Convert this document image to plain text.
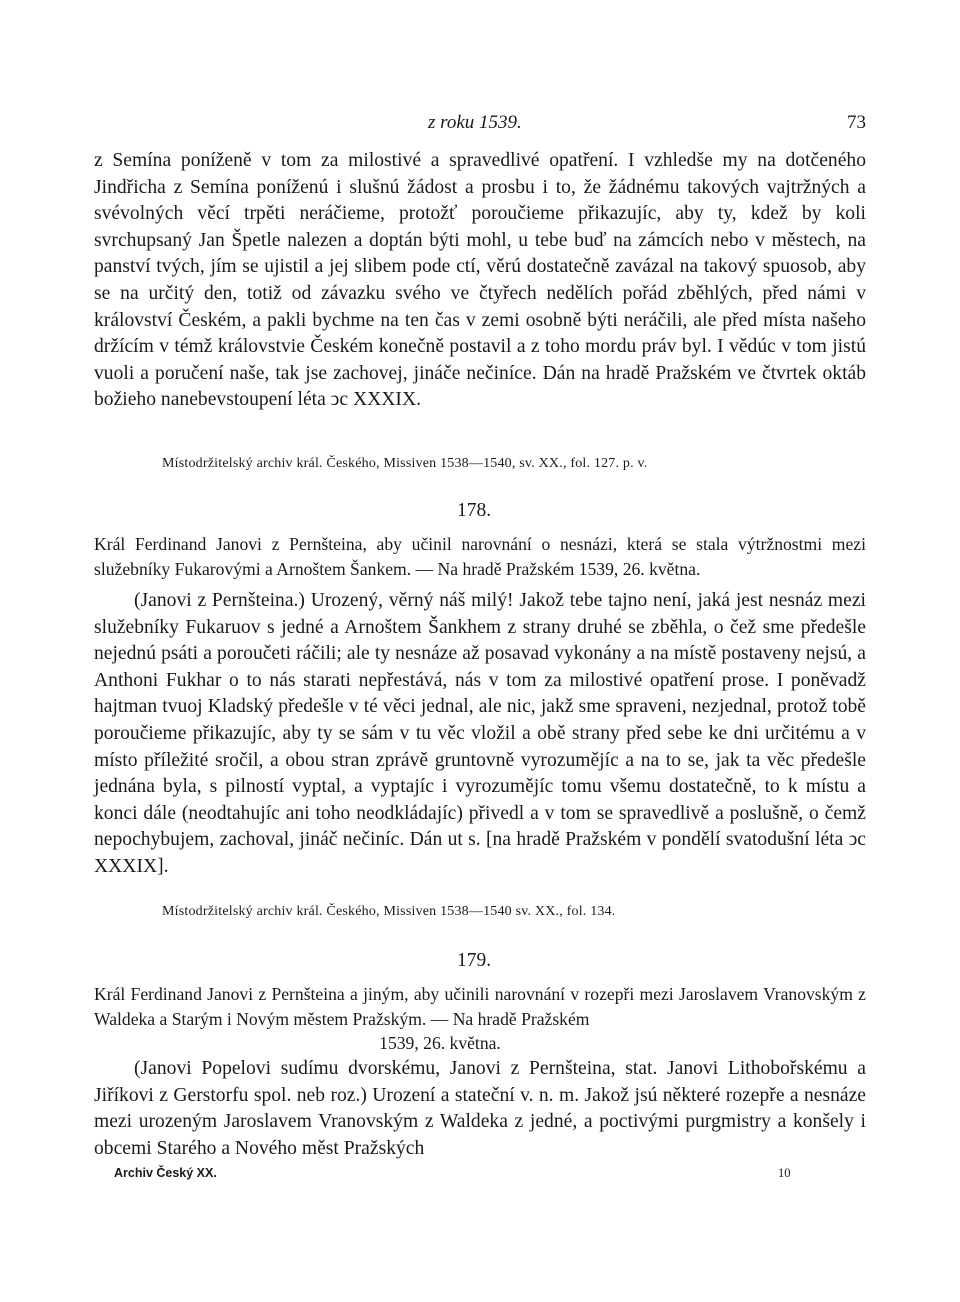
z roku 1539.	73

z Semína poníženě v tom za milostivé a spravedlivé opatření. I vzhledše my na dotčeného Jindřicha z Semína poníženú i slušnú žádost a prosbu i to, že žádnému takových vajtržných a svévolných věcí trpěti neráčieme, protožť poroučieme přikazujíc, aby ty, kdež by koli svrchupsaný Jan Špetle nalezen a doptán býti mohl, u tebe buď na zámcích nebo v městech, na panství tvých, jím se ujistil a jej slibem pode ctí, věrú dostatečně zavázal na takový spuosob, aby se na určitý den, totiž od závazku svého ve čtyřech nedělích pořád zběhlých, před námi v království Českém, a pakli bychme na ten čas v zemi osobně býti neráčili, ale před místa našeho držícím v témž královstvie Českém konečně postavil a z toho mordu práv byl. I vědúc v tom jistú vuoli a poručení naše, tak jse zachovej, jináče nečiníce. Dán na hradě Pražském ve čtvrtek oktáb božieho nanebevstoupení léta ↄc XXXIX.

Místodržitelský archiv král. Českého, Missiven 1538—1540, sv. XX., fol. 127. p. v.
178.

Král Ferdinand Janovi z Pernšteina, aby učinil narovnání o nesnázi, která se stala výtržnostmi mezi služebníky Fukarovými a Arnoštem Šankem. — Na hradě Pražském 1539, 26. května.

(Janovi z Pernšteina.) Urozený, věrný náš milý! Jakož tebe tajno není, jaká jest nesnáz mezi služebníky Fukaruov s jedné a Arnoštem Šankhem z strany druhé se zběhla, o čež sme předešle nejednú psáti a poroučeti ráčili; ale ty nesnáze až posavad vykonány a na místě postaveny nejsú, a Anthoni Fukhar o to nás starati nepřestává, nás v tom za milostivé opatření prose. I poněvadž hajtman tvuoj Kladský předešle v té věci jednal, ale nic, jakž sme spraveni, nezjednal, protož tobě poroučieme přikazujíc, aby ty se sám v tu věc vložil a obě strany před sebe ke dni určitému a v místo příležité sročil, a obou stran zprávě gruntovně vyrozumějíc a na to se, jak ta věc předešle jednána byla, s pilností vyptal, a vyptajíc i vyrozumějíc tomu všemu dostatečně, to k místu a konci dále (neodtahujíc ani toho neodkládajíc) přivedl a v tom se spravedlivě a poslušně, o čemž nepochybujem, zachoval, jináč nečiníc. Dán ut s. [na hradě Pražském v pondělí svatodušní léta ↄc XXXIX].

Místodržitelský archiv král. Českého, Missiven 1538—1540 sv. XX., fol. 134.
179.
Král Ferdinand Janovi z Pernšteina a jiným, aby učinili narovnání v rozepři mezi Jaroslavem Vranovským z Waldeka a Starým i Novým městem Pražským. — Na hradě Pražském
1539, 26. května.

(Janovi Popelovi sudímu dvorskému, Janovi z Pernšteina, stat. Janovi Lithobořskému a Jiříkovi z Gerstorfu spol. neb roz.) Urození a stateční v. n. m. Jakož jsú některé rozepře a nesnáze mezi urozeným Jaroslavem Vranovským z Waldeka z jedné, a poctivými purgmistry a konšely i obcemi Starého a Nového měst Pražských

Archiv Český XX.	10
